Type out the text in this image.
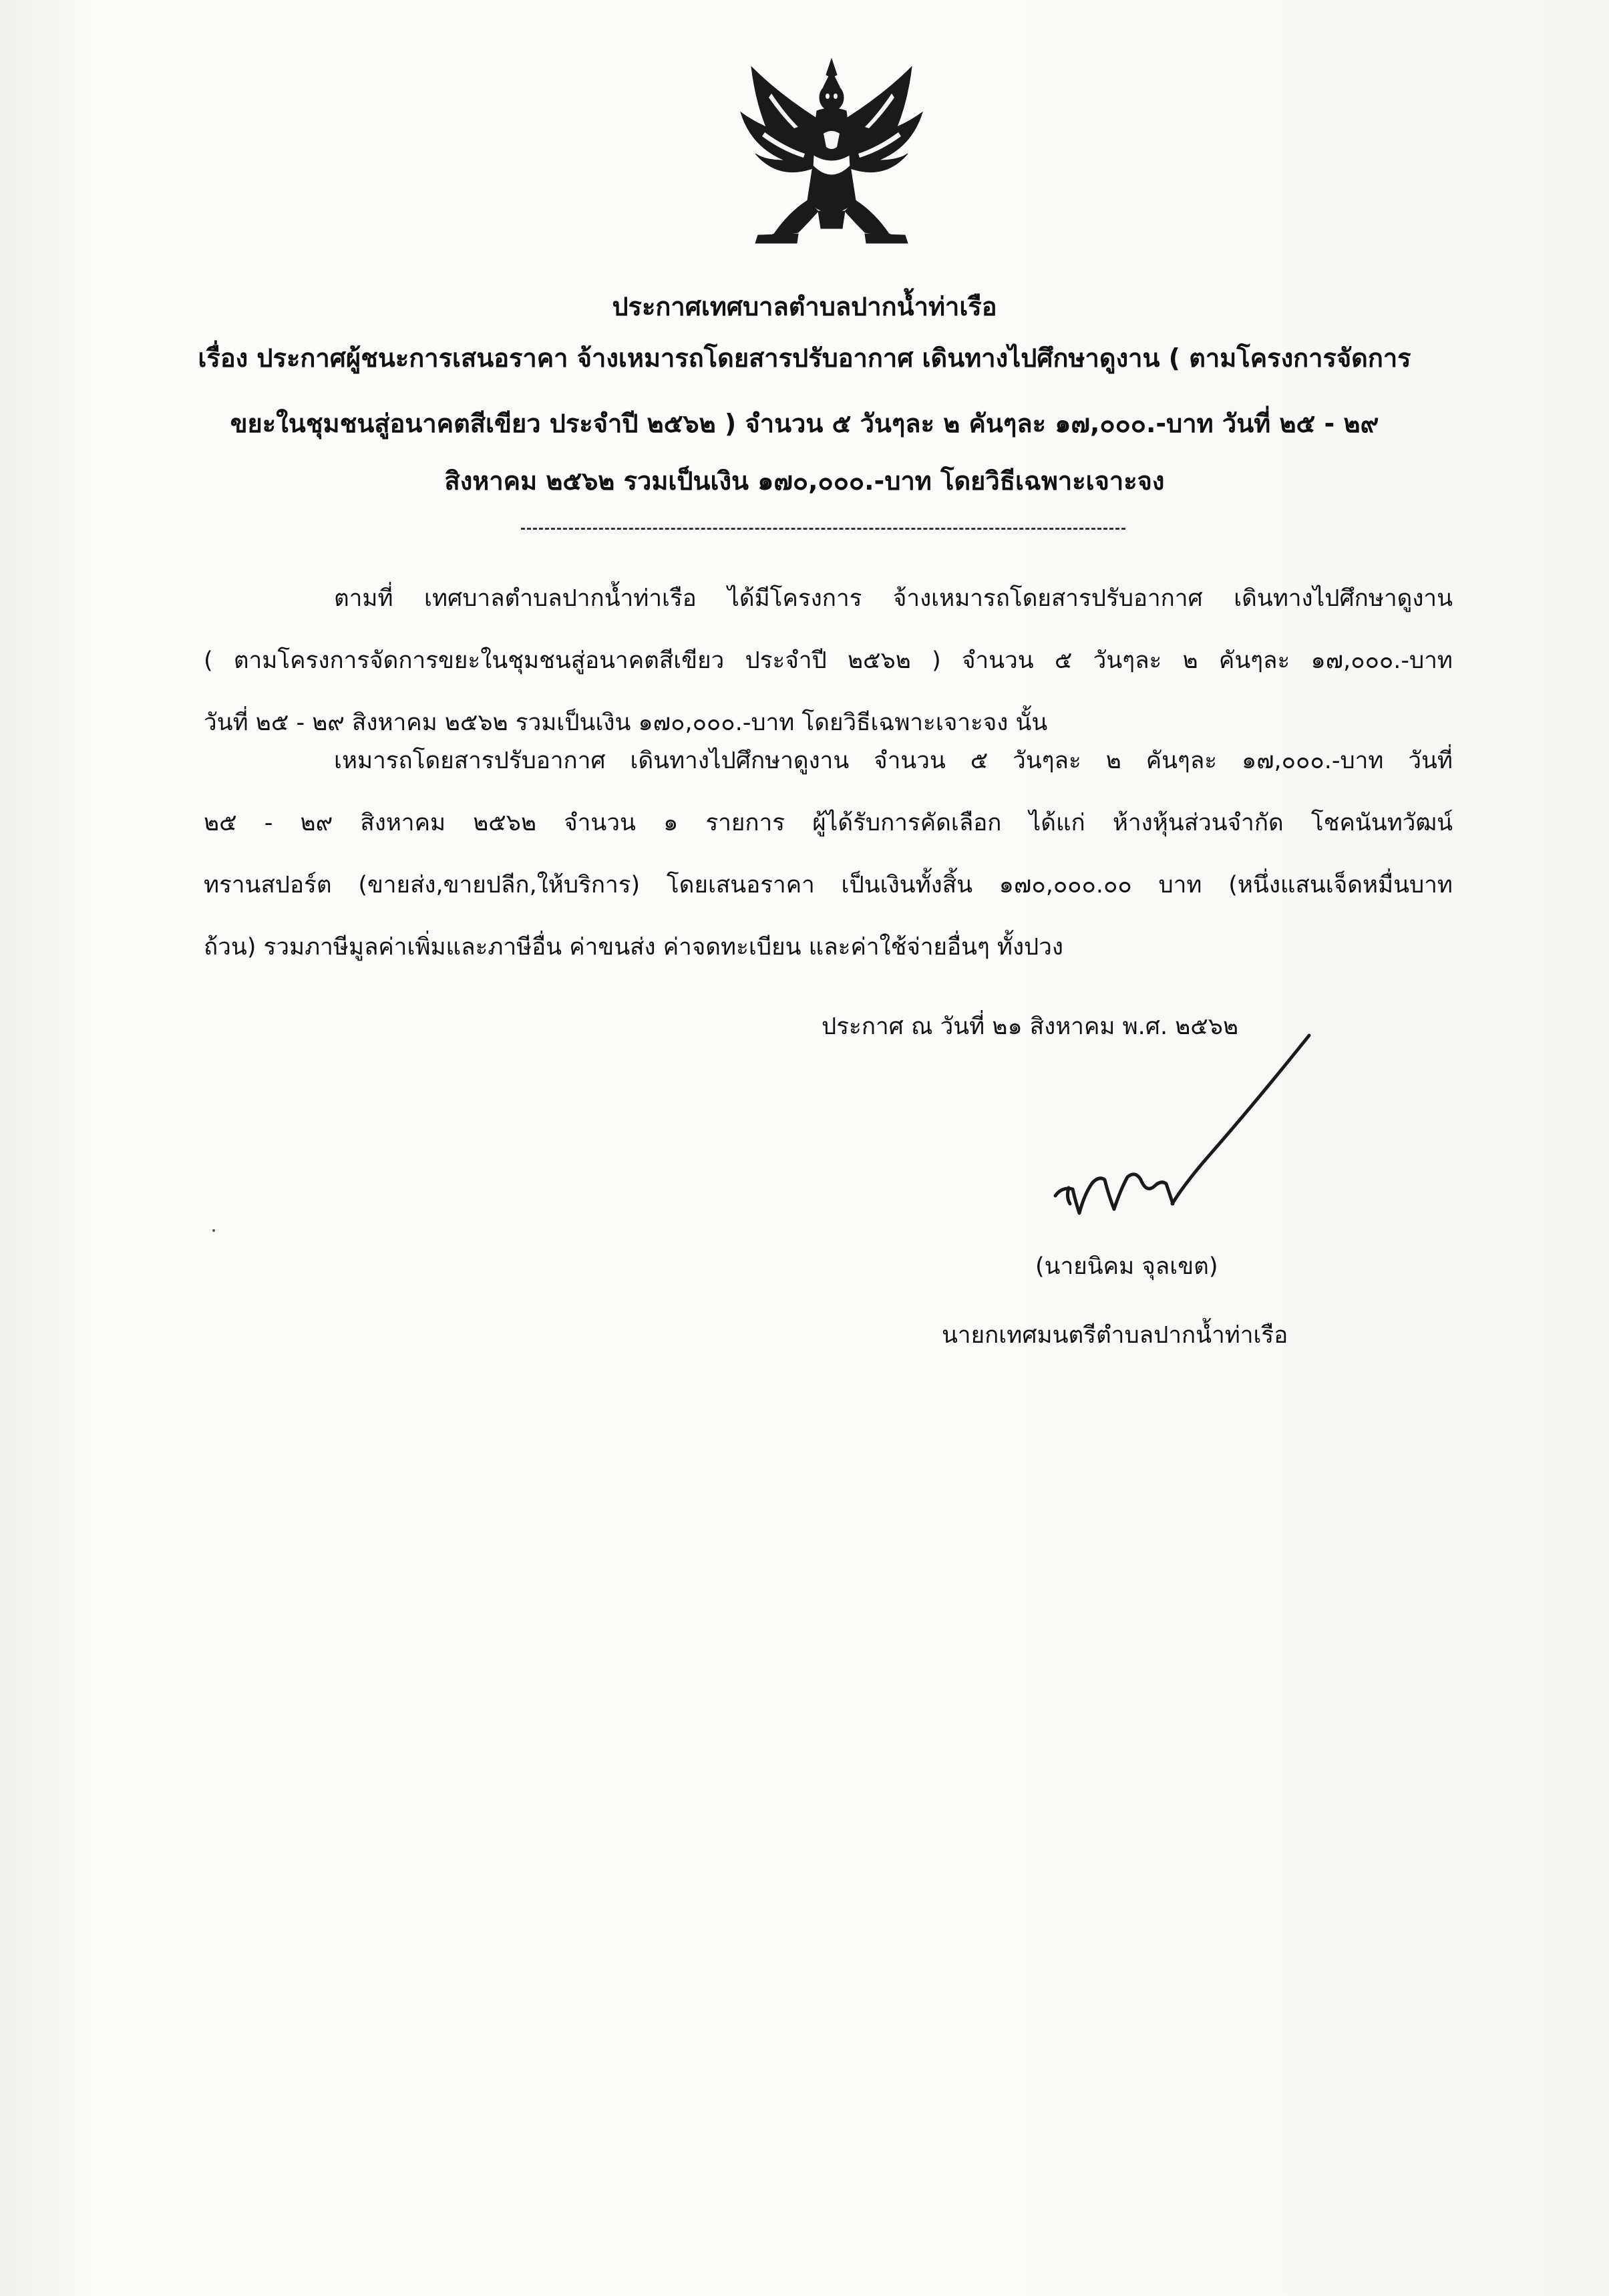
ประกาศเทศบาลตำบลปากน้ำท่าเรือ
เรื่อง ประกาศผู้ชนะการเสนอราคา จ้างเหมารถโดยสารปรับอากาศ เดินทางไปศึกษาดูงาน ( ตามโครงการจัดการ
ขยะในชุมชนสู่อนาคตสีเขียว ประจำปี ๒๕๖๒ ) จำนวน ๕ วันๆละ ๒ คันๆละ ๑๗,๐๐๐.-บาท วันที่ ๒๕ - ๒๙
สิงหาคม ๒๕๖๒ รวมเป็นเงิน ๑๗๐,๐๐๐.-บาท โดยวิธีเฉพาะเจาะจง
ตามที่ เทศบาลตำบลปากน้ำท่าเรือ ได้มีโครงการ จ้างเหมารถโดยสารปรับอากาศ เดินทางไปศึกษาดูงาน
( ตามโครงการจัดการขยะในชุมชนสู่อนาคตสีเขียว ประจำปี ๒๕๖๒ ) จำนวน ๕ วันๆละ ๒ คันๆละ ๑๗,๐๐๐.-บาท
วันที่ ๒๕ - ๒๙ สิงหาคม ๒๕๖๒ รวมเป็นเงิน ๑๗๐,๐๐๐.-บาท โดยวิธีเฉพาะเจาะจง นั้น
เหมารถโดยสารปรับอากาศ เดินทางไปศึกษาดูงาน จำนวน ๕ วันๆละ ๒ คันๆละ ๑๗,๐๐๐.-บาท วันที่
๒๕ - ๒๙ สิงหาคม ๒๕๖๒ จำนวน ๑ รายการ ผู้ได้รับการคัดเลือก ได้แก่ ห้างหุ้นส่วนจำกัด โชคนันทวัฒน์
ทรานสปอร์ต (ขายส่ง,ขายปลีก,ให้บริการ) โดยเสนอราคา เป็นเงินทั้งสิ้น ๑๗๐,๐๐๐.๐๐ บาท (หนึ่งแสนเจ็ดหมื่นบาท
ถ้วน) รวมภาษีมูลค่าเพิ่มและภาษีอื่น ค่าขนส่ง ค่าจดทะเบียน และค่าใช้จ่ายอื่นๆ ทั้งปวง
ประกาศ ณ วันที่ ๒๑ สิงหาคม พ.ศ. ๒๕๖๒
(นายนิคม จุลเขต)
นายกเทศมนตรีตำบลปากน้ำท่าเรือ
